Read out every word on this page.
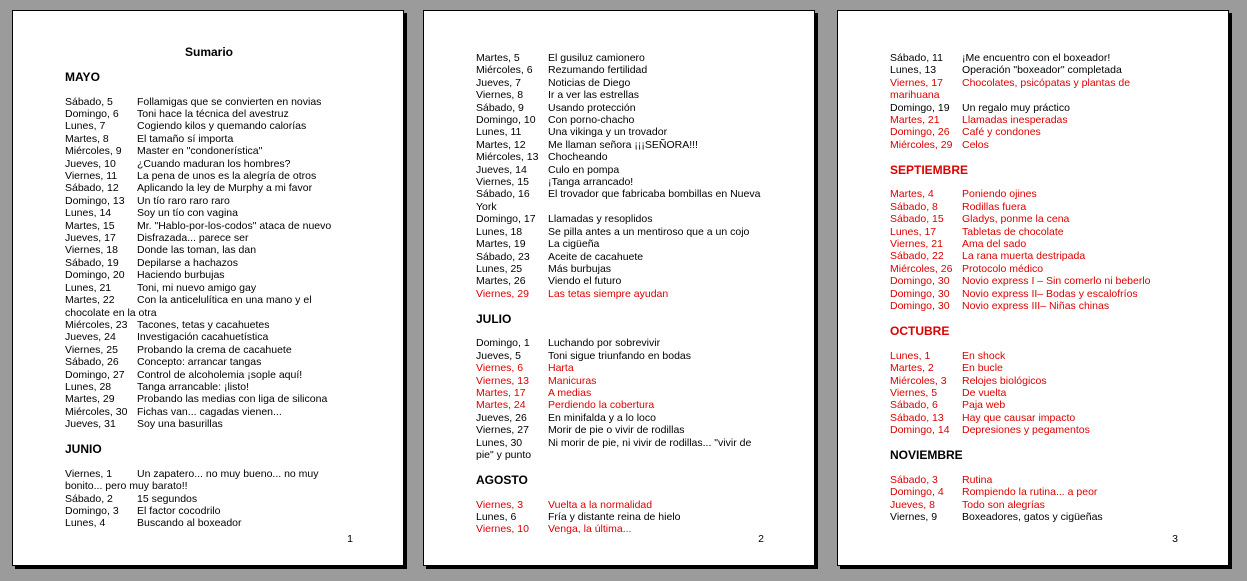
Sumario
MAYO
Sábado, 5 Follamigas que se convierten en novias
Domingo, 6 Toni hace la técnica del avestruz
Lunes, 7	Cogiendo kilos y quemando calorías
Martes, 8	El tamaño sí importa
Miércoles, 9 Master en "condonerística"
Jueves, 10 ¿Cuando maduran los hombres?
Viernes, 11 La pena de unos es la alegría de otros
Sábado, 12 Aplicando la ley de Murphy a mi favor
Domingo, 13 Un tío raro raro raro
Lunes, 14 Soy un tío con vagina
Martes, 15 Mr. "Hablo-por-los-codos" ataca de nuevo
Jueves, 17 Disfrazada... parece ser
Viernes, 18 Donde las toman, las dan
Sábado, 19 Depilarse a hachazos
Domingo, 20 Haciendo burbujas
Lunes, 21 Toni, mi nuevo amigo gay
Martes, 22 Con la anticelulítica en una mano y el chocolate en la otra
Miércoles, 23 Tacones, tetas y cacahuetes
Jueves, 24 Investigación cacahuetística
Viernes, 25 Probando la crema de cacahuete
Sábado, 26 Concepto: arrancar tangas
Domingo, 27 Control de alcoholemia ¡sople aquí!
Lunes, 28 Tanga arrancable: ¡listo!
Martes, 29 Probando las medias con liga de silicona
Miércoles, 30 Fichas van... cagadas vienen...
Jueves, 31 Soy una basurillas
JUNIO
Viernes, 1 Un zapatero... no muy bueno... no muy bonito... pero muy barato!!
Sábado, 2 15 segundos
Domingo, 3 El factor cocodrilo
Lunes, 4	Buscando al boxeador
1
Martes, 5	El gusiluz camionero
Miércoles, 6 Rezumando fertilidad
Jueves, 7	Noticias de Diego
Viernes, 8 Ir a ver las estrellas
Sábado, 9 Usando protección
Domingo, 10 Con porno-chacho
Lunes, 11	Una vikinga y un trovador
Martes, 12 Me llaman señora ¡¡¡SEÑORA!!!
Miércoles, 13 Chocheando
Jueves, 14 Culo en pompa
Viernes, 15 ¡Tanga arrancado!
Sábado, 16 El trovador que fabricaba bombillas en Nueva York
Domingo, 17 Llamadas y resoplidos
Lunes, 18 Se pilla antes a un mentiroso que a un cojo
Martes, 19 La cigüeña
Sábado, 23 Aceite de cacahuete
Lunes, 25 Más burbujas
Martes, 26 Viendo el futuro
Viernes, 29 Las tetas siempre ayudan
JULIO
Domingo, 1 Luchando por sobrevivir
Jueves, 5	Toni sigue triunfando en bodas
Viernes, 6 Harta
Viernes, 13 Manicuras
Martes, 17 A medias
Martes, 24 Perdiendo la cobertura
Jueves, 26 En minifalda y a lo loco
Viernes, 27 Morir de pie o vivir de rodillas
Lunes, 30 Ni morir de pie, ni vivir de rodillas... "vivir de pie" y punto
AGOSTO
Viernes, 3 Vuelta a la normalidad
Lunes, 6	Fría y distante reina de hielo
Viernes, 10 Venga, la última...
2
Sábado, 11 ¡Me encuentro con el boxeador!
Lunes, 13 Operación "boxeador" completada
Viernes, 17 Chocolates, psicópatas y plantas de marihuana
Domingo, 19 Un regalo muy práctico
Martes, 21 Llamadas inesperadas
Domingo, 26 Café y condones
Miércoles, 29 Celos
SEPTIEMBRE
Martes, 4	Poniendo ojines
Sábado, 8 Rodillas fuera
Sábado, 15 Gladys, ponme la cena
Lunes, 17 Tabletas de chocolate
Viernes, 21 Ama del sado
Sábado, 22 La rana muerta destripada
Miércoles, 26 Protocolo médico
Domingo, 30 Novio express I – Sin comerlo ni beberlo
Domingo, 30 Novio express II– Bodas y escalofríos
Domingo, 30 Novio express III– Niñas chinas
OCTUBRE
Lunes, 1	En shock
Martes, 2	En bucle
Miércoles, 3 Relojes biológicos
Viernes, 5 De vuelta
Sábado, 6 Paja web
Sábado, 13 Hay que causar impacto
Domingo, 14 Depresiones y pegamentos
NOVIEMBRE
Sábado, 3 Rutina
Domingo, 4 Rompiendo la rutina... a peor
Jueves, 8	Todo son alegrías
Viernes, 9 Boxeadores, gatos y cigüeñas
3
